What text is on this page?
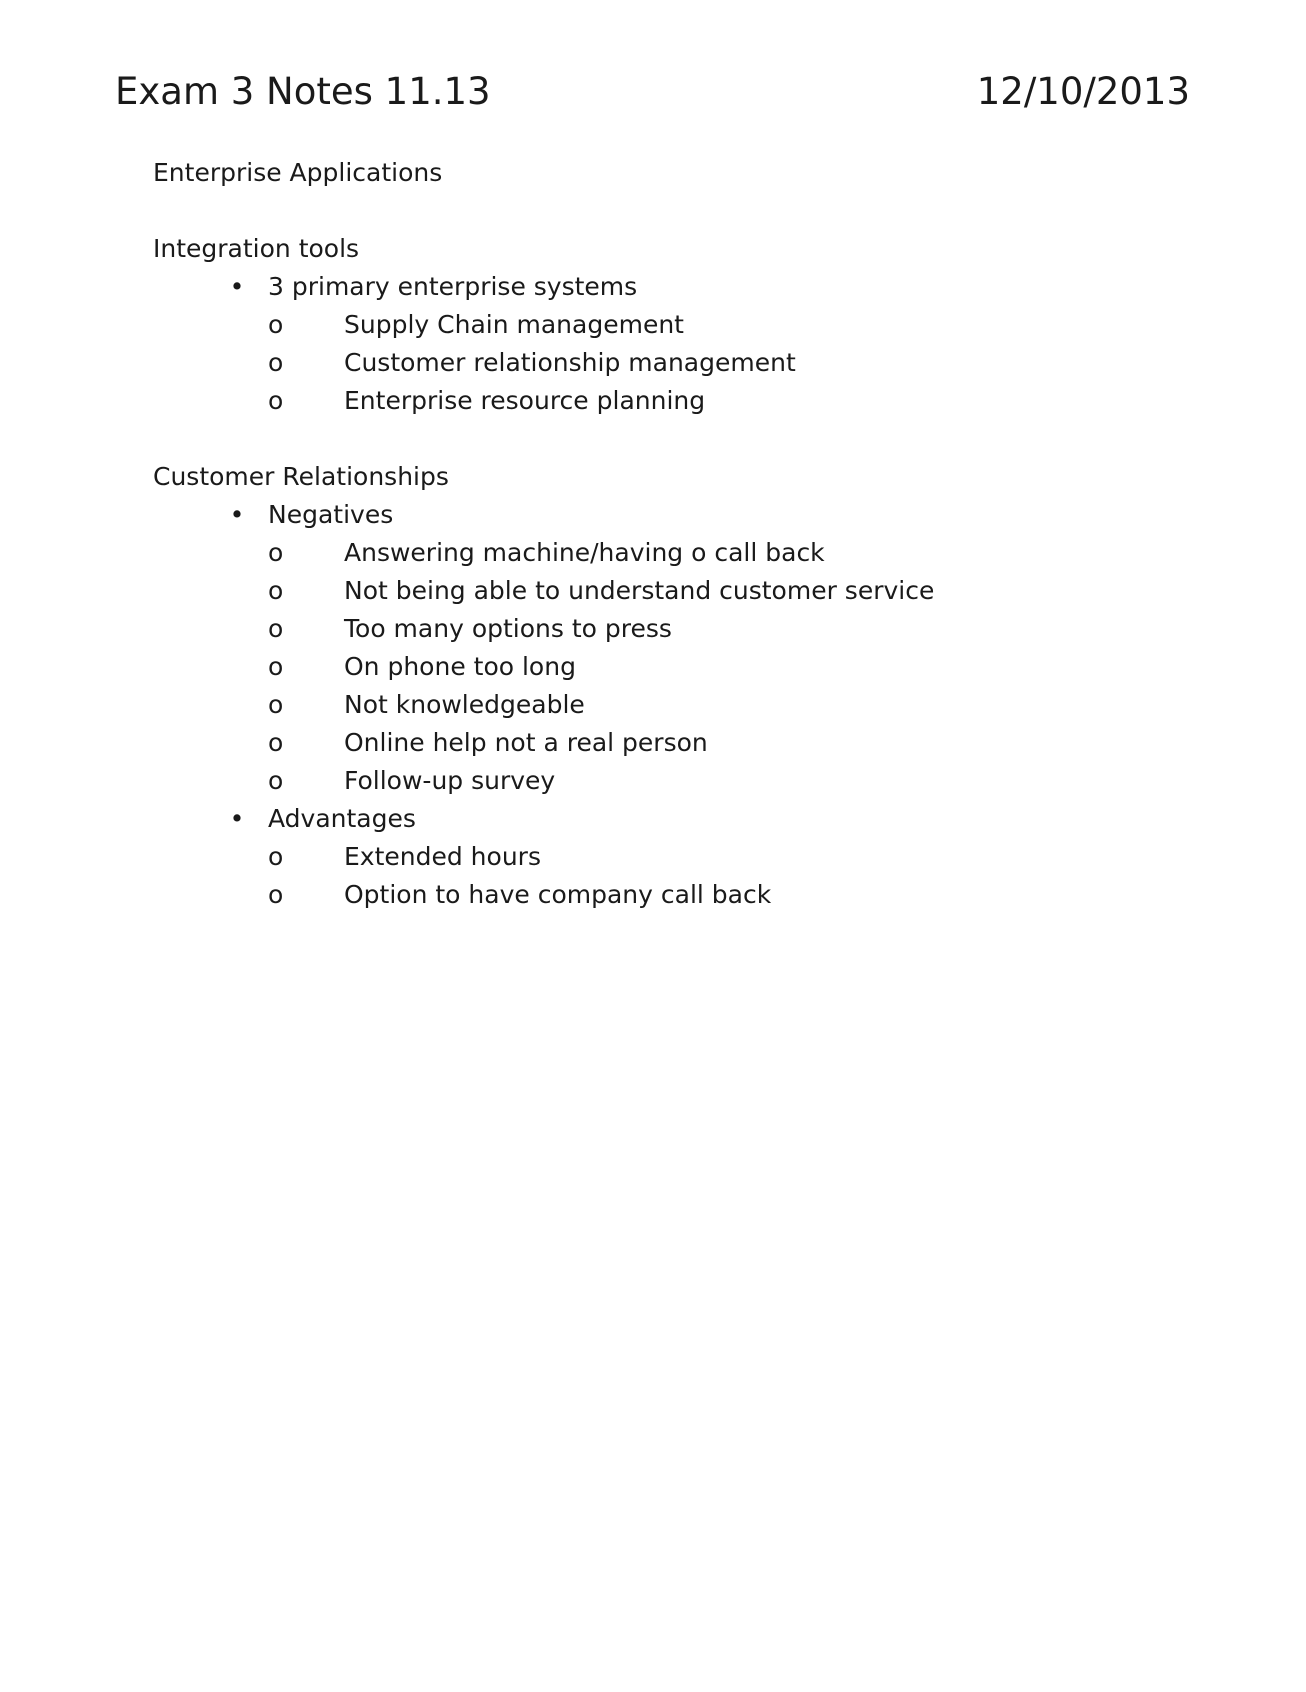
Exam 3 Notes 11.13	12/10/2013

Enterprise Applications

Integration tools

• 3 primary enterprise systems
o Supply Chain management
o Customer relationship management
o Enterprise resource planning

Customer Relationships

• Negatives
o Answering machine/having o call back
o Not being able to understand customer service
o Too many options to press
o On phone too long
o Not knowledgeable
o Online help not a real person
o Follow-up survey
• Advantages
o Extended hours
o Option to have company call back
